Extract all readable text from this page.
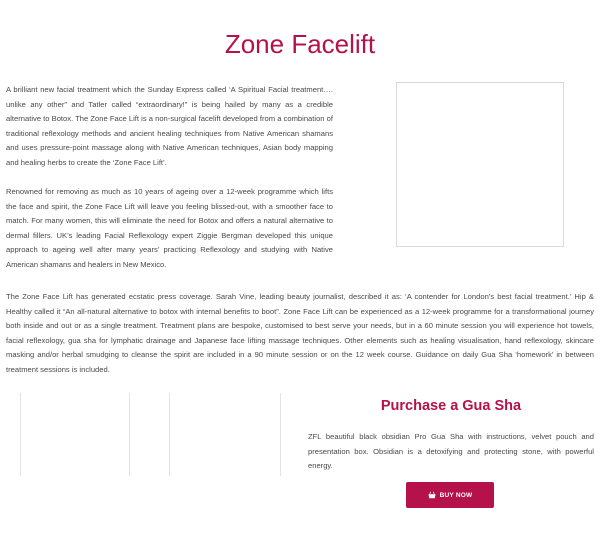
Zone Facelift

A brilliant new facial treatment which the Sunday Express called ‘A Spiritual Facial treatment…. unlike any other” and Tatler called “extraordinary!” is being hailed by many as a credible alternative to Botox. The Zone Face Lift is a non-surgical facelift developed from a combination of traditional reflexology methods and ancient healing techniques from Native American shamans and uses pressure-point massage along with Native American techniques, Asian body mapping and healing herbs to create the ‘Zone Face Lift’.

Renowned for removing as much as 10 years of ageing over a 12-week programme which lifts the face and spirit, the Zone Face Lift will leave you feeling blissed-out, with a smoother face to match. For many women, this will eliminate the need for Botox and offers a natural alternative to dermal fillers. UK’s leading Facial Reflexology expert Ziggie Bergman developed this unique approach to ageing well after many years’ practicing Reflexology and studying with Native American shamans and healers in New Mexico.

The Zone Face Lift has generated ecstatic press coverage. Sarah Vine, leading beauty journalist, described it as: ‘A contender for London’s best facial treatment.’ Hip & Healthy called it “An all-natural alternative to botox with internal benefits to boot”. Zone Face Lift can be experienced as a 12-week programme for a transformational journey both inside and out or as a single treatment. Treatment plans are bespoke, customised to best serve your needs, but in a 60 minute session you will experience hot towels, facial reflexology, gua sha for lymphatic drainage and Japanese face lifting massage techniques. Other elements such as healing visualisation, hand reflexology, skincare masking and/or herbal smudging to cleanse the spirit are included in a 90 minute session or on the 12 week course. Guidance on daily Gua Sha ‘homework’ in between treatment sessions is included.

Purchase a Gua Sha

ZFL beautiful black obsidian Pro Gua Sha with instructions, velvet pouch and presentation box. Obsidian is a detoxifying and protecting stone, with powerful energy.

BUY NOW
